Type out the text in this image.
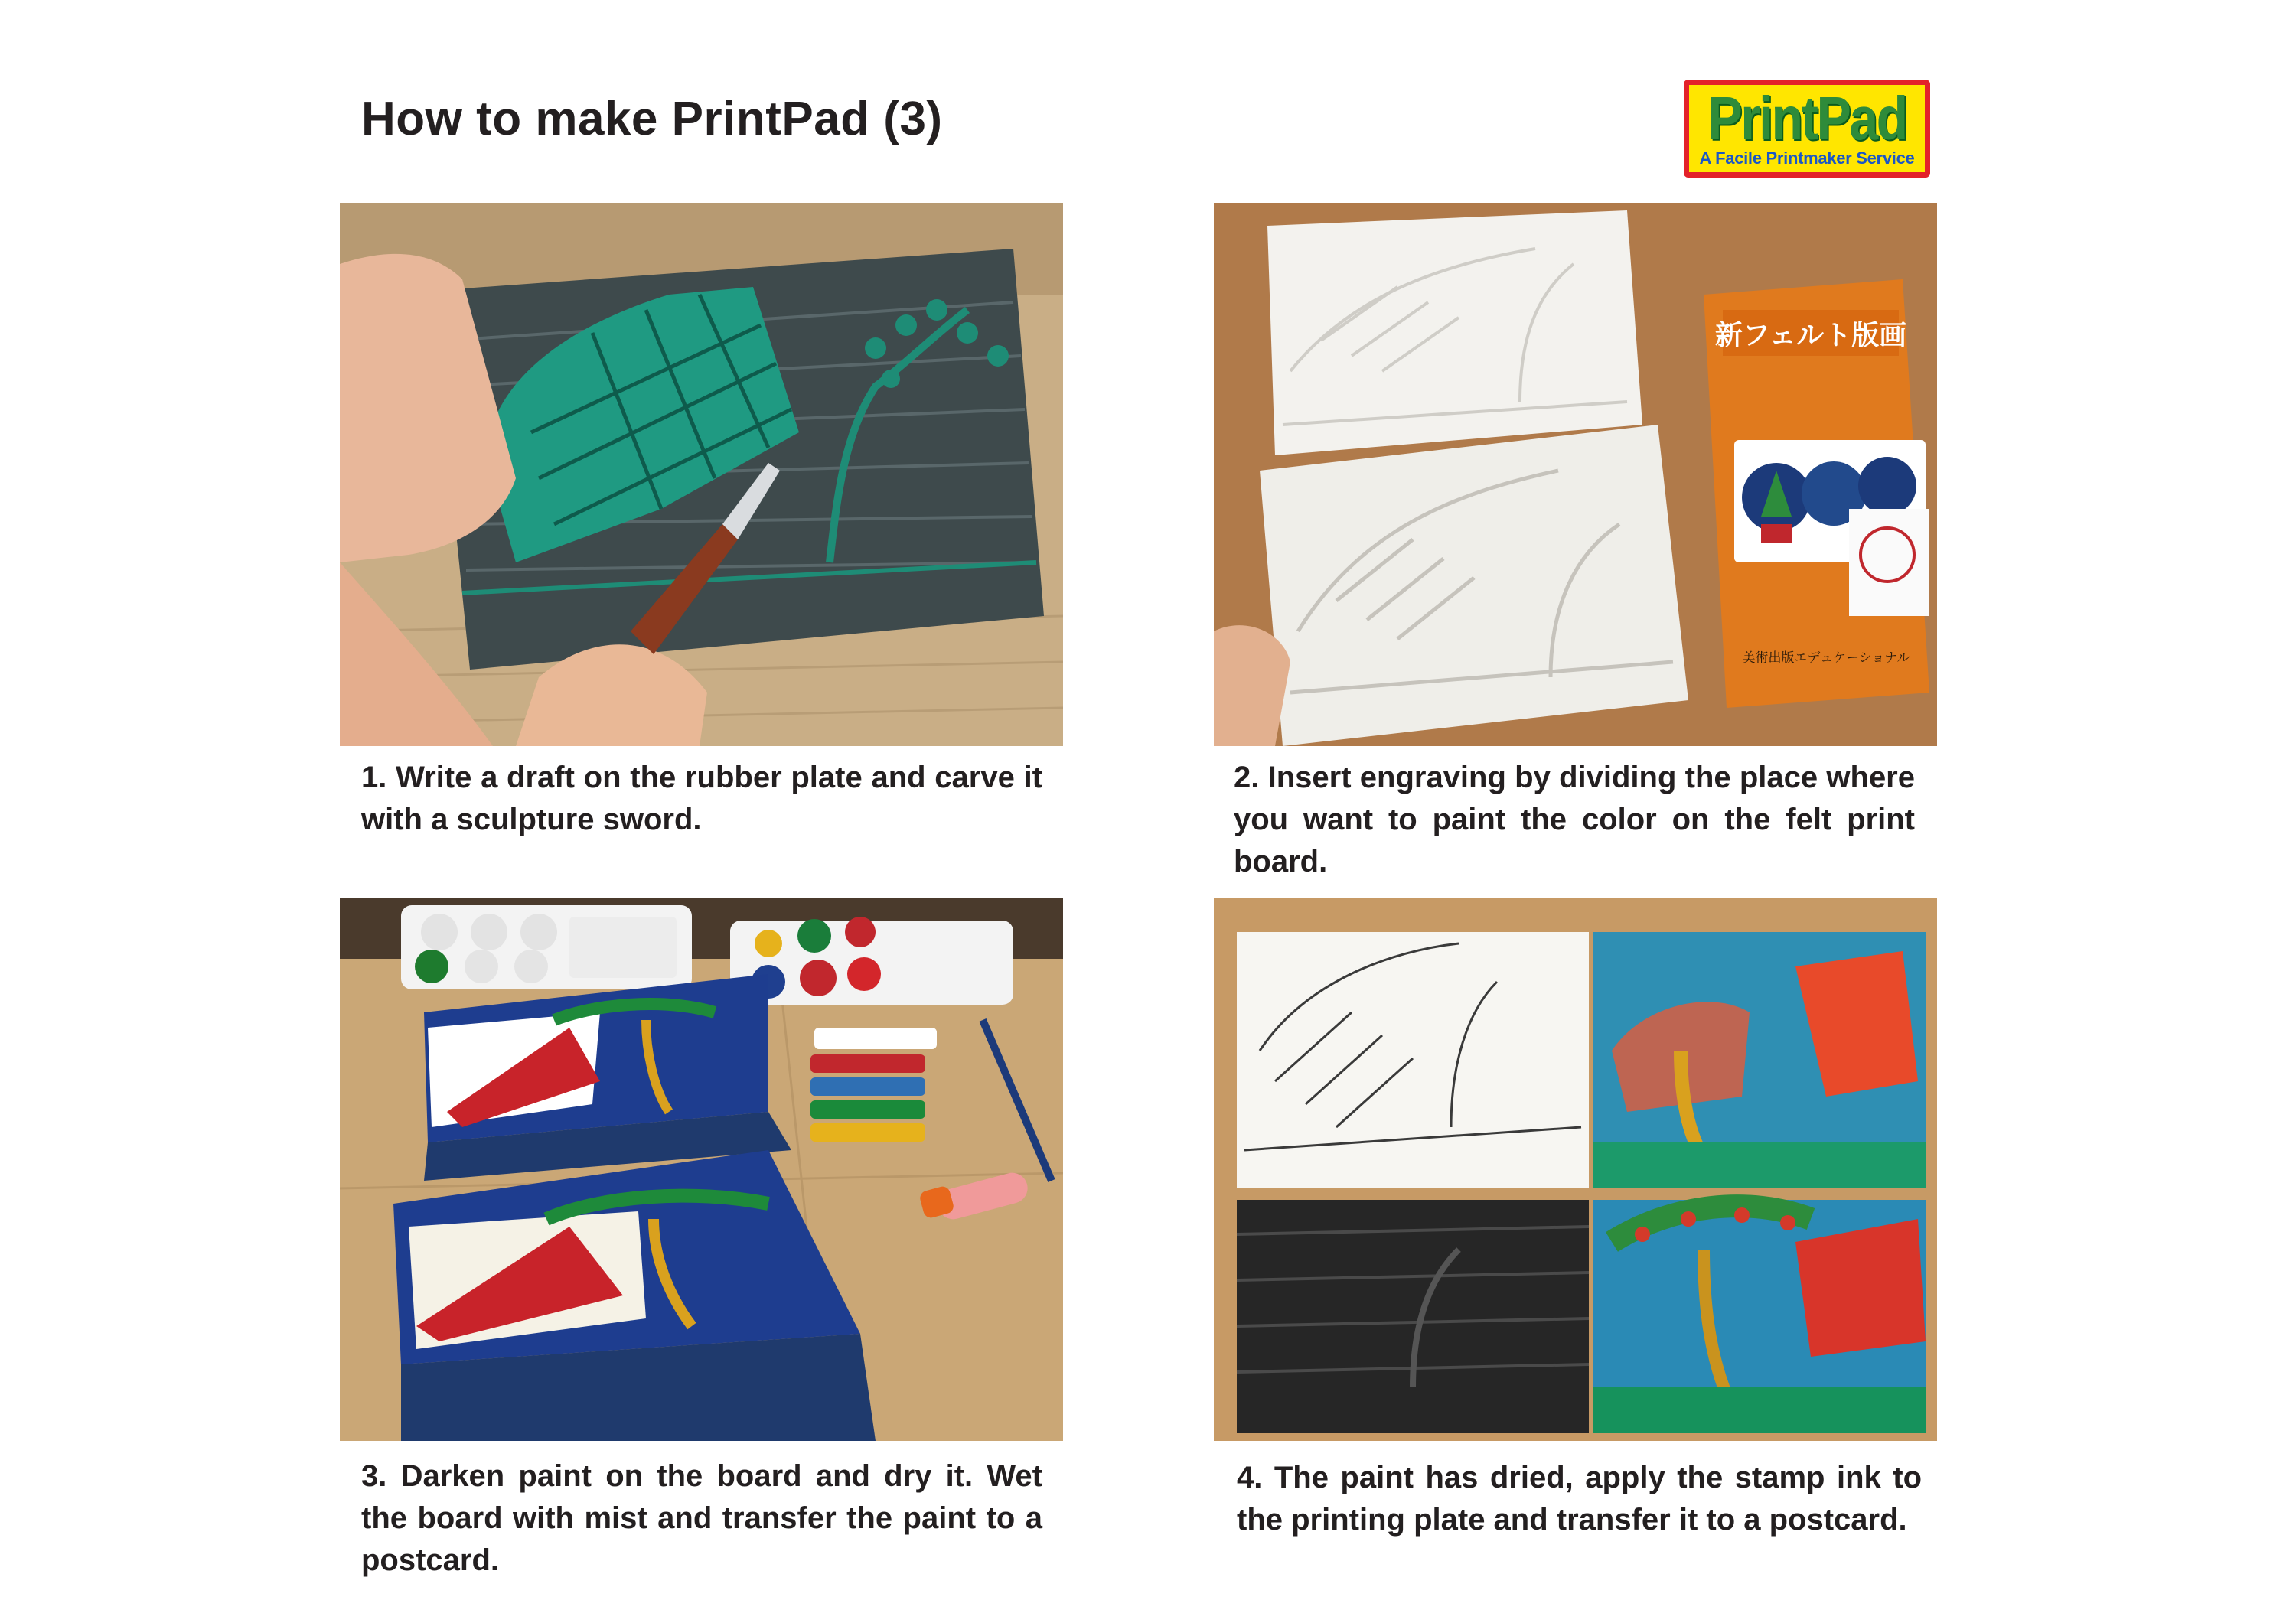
How to make PrintPad (3)	PrintPad
A Facile Printmaker Service
新フェルト版画
美術出版エデュケーショナル

1. Write a draft on the rubber plate and carve it with a sculpture sword.

2. Insert engraving by dividing the place where you want to paint the color on the felt print board.

3. Darken paint on the board and dry it. Wet the board with mist and transfer the paint to a postcard.

4. The paint has dried, apply the stamp ink to the printing plate and transfer it to a postcard.
